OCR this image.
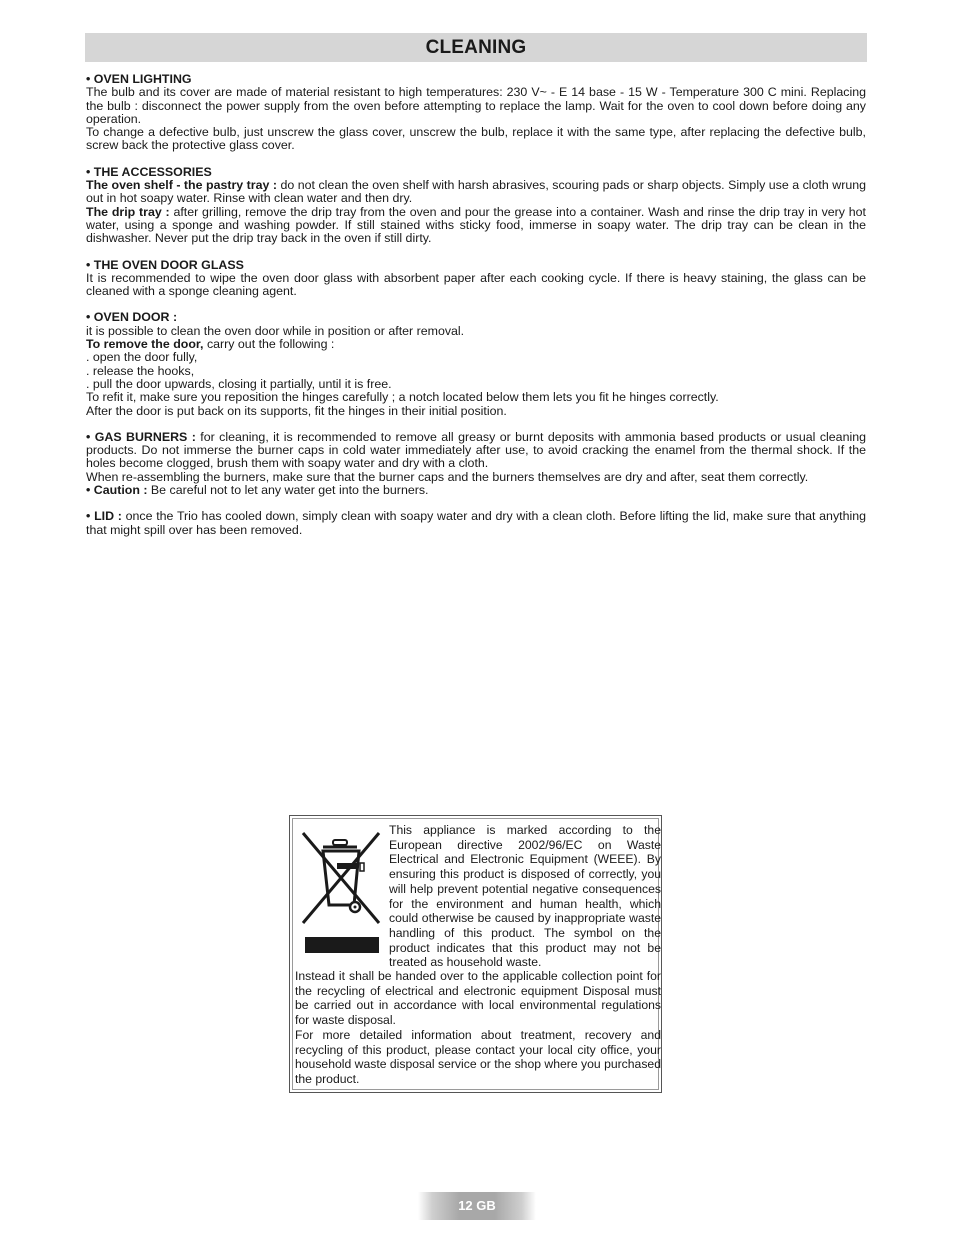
CLEANING

• OVEN LIGHTING

The bulb and its cover are made of material resistant to high temperatures: 230 V~ - E 14 base - 15 W - Temperature 300 C mini. Replacing the bulb : disconnect the power supply from the oven before attempting to replace the lamp. Wait for the oven to cool down before doing any operation.

To change a defective bulb, just unscrew the glass cover, unscrew the bulb, replace it with the same type, after replacing the defective bulb, screw back the protective glass cover.

• THE ACCESSORIES

The oven shelf - the pastry tray : do not clean the oven shelf with harsh abrasives, scouring pads or sharp objects. Simply use a cloth wrung out in hot soapy water. Rinse with clean water and then dry.

The drip tray : after grilling, remove the drip tray from the oven and pour the grease into a container. Wash and rinse the drip tray in very hot water, using a sponge and washing powder. If still stained withs sticky food, immerse in soapy water. The drip tray can be clean in the dishwasher. Never put the drip tray back in the oven if still dirty.

• THE OVEN DOOR GLASS

It is recommended to wipe the oven door glass with absorbent paper after each cooking cycle. If there is heavy staining, the glass can be cleaned with a sponge cleaning agent.

• OVEN DOOR :

it is possible to clean the oven door while in position or after removal.

To remove the door, carry out the following :

. open the door fully,

. release the hooks,

. pull the door upwards, closing it partially, until it is free.

To refit it, make sure you reposition the hinges carefully ; a notch located below them lets you fit he hinges correctly.

After the door is put back on its supports, fit the hinges in their initial position.

• GAS BURNERS : for cleaning, it is recommended to remove all greasy or burnt deposits with ammonia based products or usual cleaning products. Do not immerse the burner caps in cold water immediately after use, to avoid cracking the enamel from the thermal shock. If the holes become clogged, brush them with soapy water and dry with a cloth.

When re-assembling the burners, make sure that the burner caps and the burners themselves are dry and after, seat them correctly.

• Caution : Be careful not to let any water get into the burners.

• LID : once the Trio has cooled down, simply clean with soapy water and dry with a clean cloth. Before lifting the lid, make sure that anything that might spill over has been removed.

This appliance is marked according to the European directive 2002/96/EC on Waste Electrical and Electronic Equipment (WEEE). By ensuring this product is disposed of correctly, you will help prevent potential negative consequences for the environment and human health, which could otherwise be caused by inappropriate waste handling of this product. The symbol on the product indicates that this product may not be treated as household waste.

Instead it shall be handed over to the applicable collection point for the recycling of electrical and electronic equipment Disposal must be carried out in accordance with local environmental regulations for waste disposal.

For more detailed information about treatment, recovery and recycling of this product, please contact your local city office, your household waste disposal service or the shop where you purchased the product.

12 GB
